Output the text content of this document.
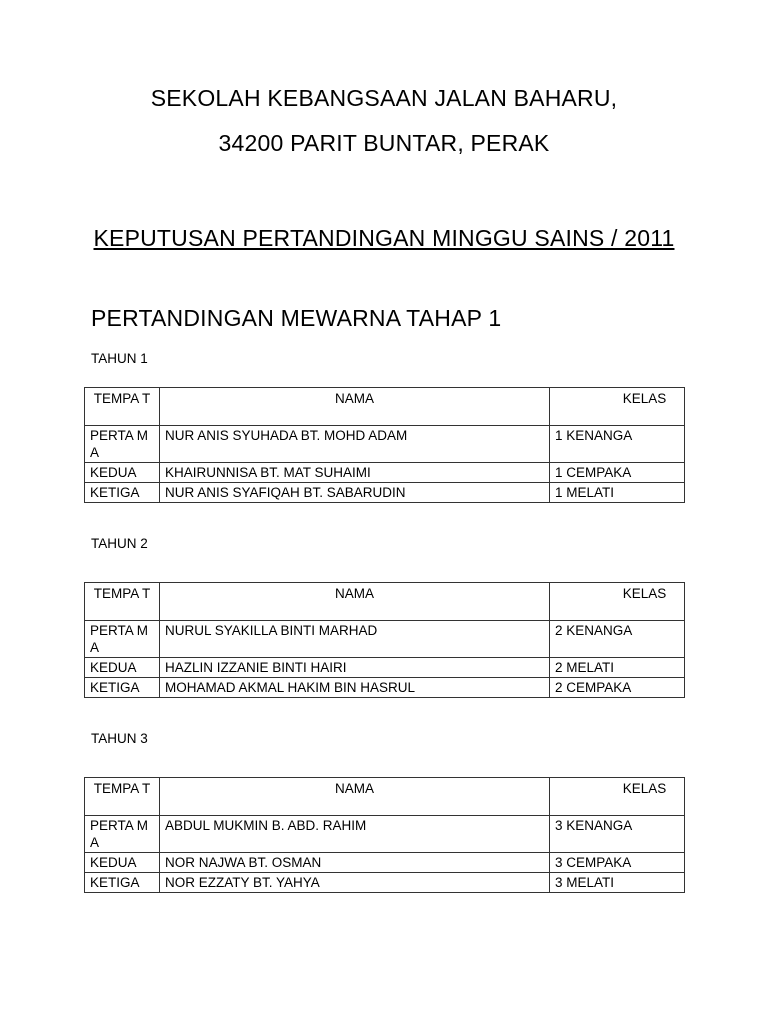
SEKOLAH KEBANGSAAN JALAN BAHARU,

34200 PARIT BUNTAR, PERAK

KEPUTUSAN PERTANDINGAN MINGGU SAINS / 2011

PERTANDINGAN MEWARNA TAHAP 1

TAHUN 1

TEMPA T	NAMA	KELAS
PERTA MA	NUR ANIS SYUHADA BT. MOHD ADAM	1 KENANGA
KEDUA	KHAIRUNNISA BT. MAT SUHAIMI	1 CEMPAKA
KETIGA	NUR ANIS SYAFIQAH BT. SABARUDIN	1 MELATI

TAHUN 2

TEMPA T	NAMA	KELAS
PERTA MA	NURUL SYAKILLA BINTI MARHAD	2 KENANGA
KEDUA	HAZLIN IZZANIE BINTI HAIRI	2 MELATI
KETIGA	MOHAMAD AKMAL HAKIM BIN HASRUL	2 CEMPAKA

TAHUN 3

TEMPA T	NAMA	KELAS
PERTA MA	ABDUL MUKMIN B. ABD. RAHIM	3 KENANGA
KEDUA	NOR NAJWA BT. OSMAN	3 CEMPAKA
KETIGA	NOR EZZATY BT. YAHYA	3 MELATI
